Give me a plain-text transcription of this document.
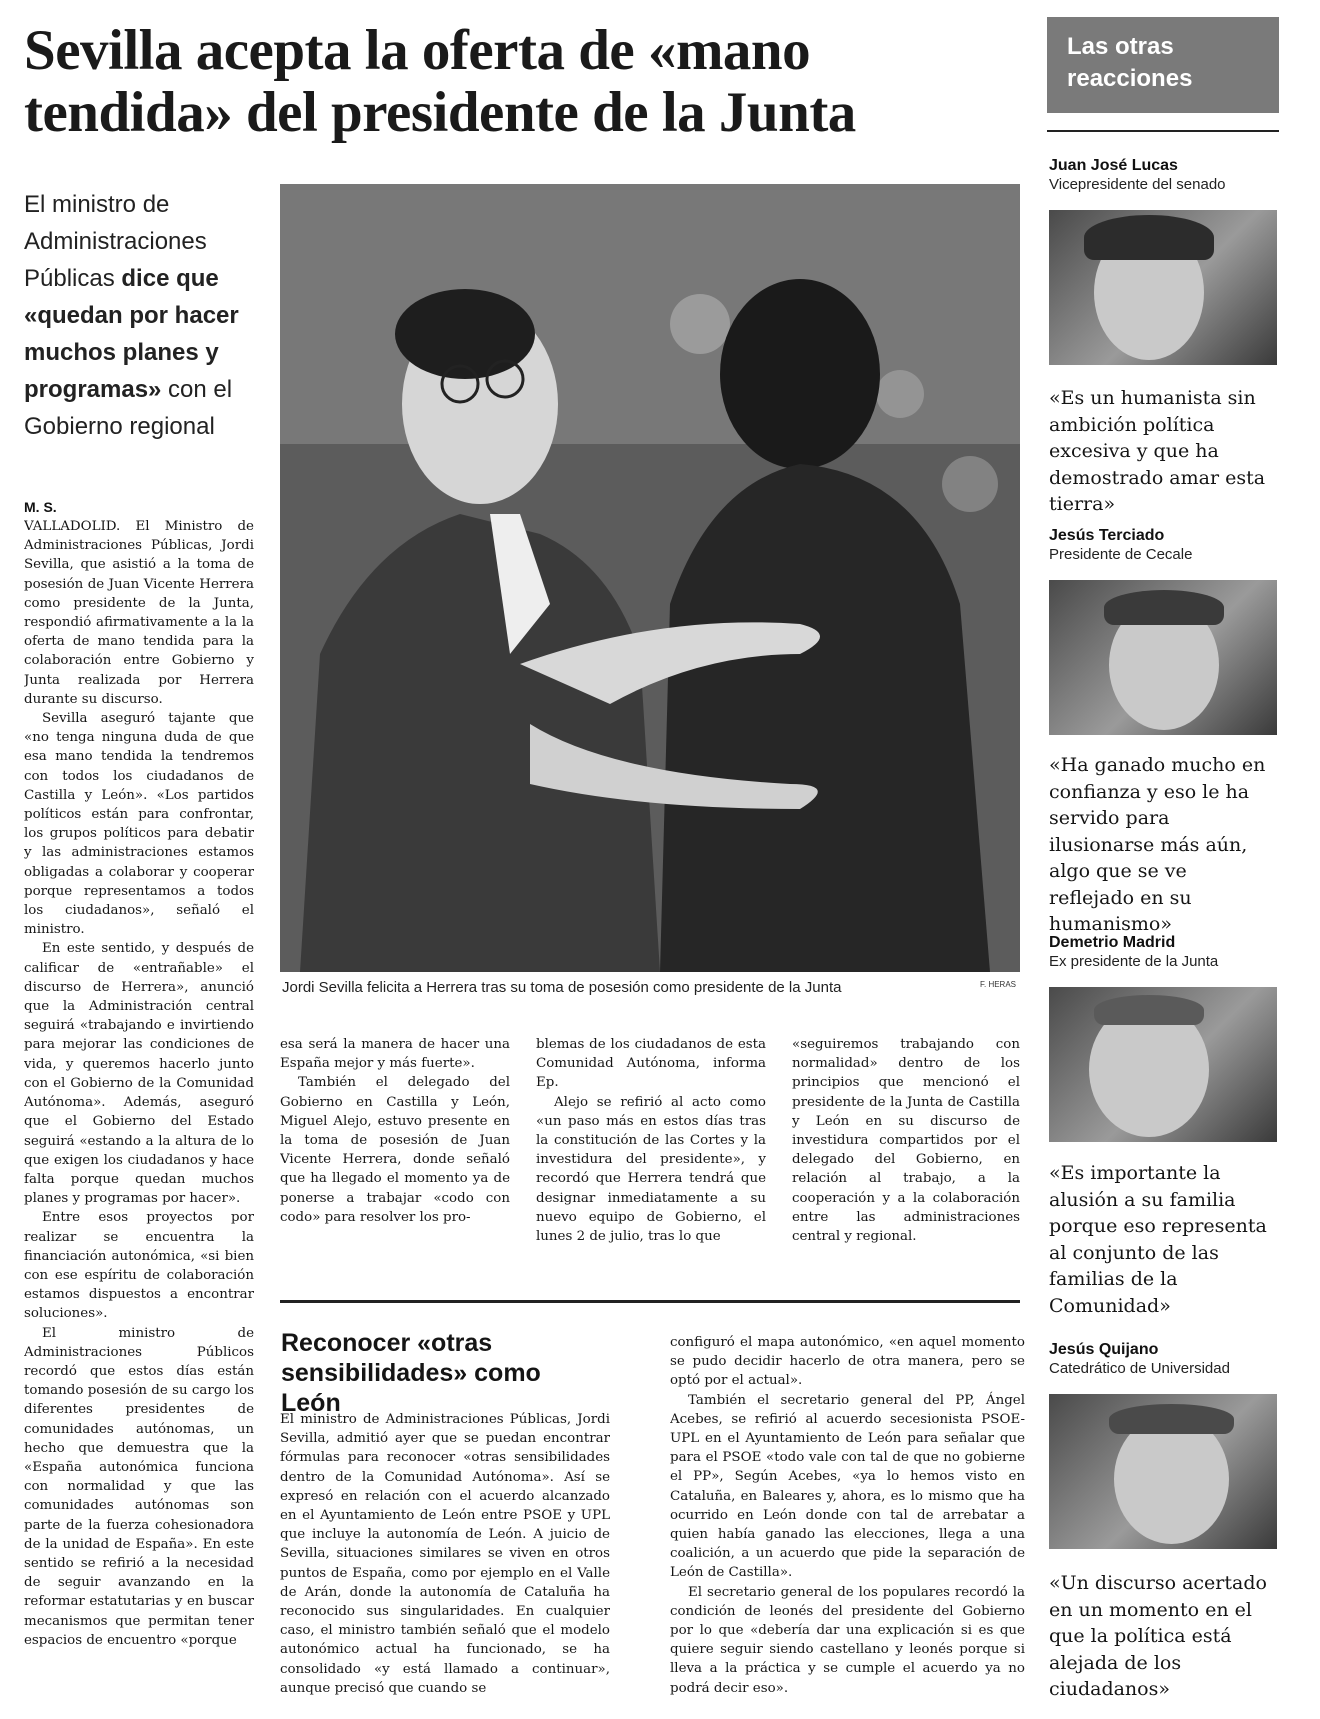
Sevilla acepta la oferta de «mano tendida» del presidente de la Junta
El ministro de Administraciones Públicas dice que «quedan por hacer muchos planes y programas» con el Gobierno regional
M. S.

VALLADOLID. El Ministro de Administraciones Públicas, Jordi Sevilla, que asistió a la toma de posesión de Juan Vicente Herrera como presidente de la Junta, respondió afirmativamente a la la oferta de mano tendida para la colaboración entre Gobierno y Junta realizada por Herrera durante su discurso.

Sevilla aseguró tajante que «no tenga ninguna duda de que esa mano tendida la tendremos con todos los ciudadanos de Castilla y León». «Los partidos políticos están para confrontar, los grupos políticos para debatir y las administraciones estamos obligadas a colaborar y cooperar porque representamos a todos los ciudadanos», señaló el ministro.

En este sentido, y después de calificar de «entrañable» el discurso de Herrera», anunció que la Administración central seguirá «trabajando e invirtiendo para mejorar las condiciones de vida, y queremos hacerlo junto con el Gobierno de la Comunidad Autónoma». Además, aseguró que el Gobierno del Estado seguirá «estando a la altura de lo que exigen los ciudadanos y hace falta porque quedan muchos planes y programas por hacer».

Entre esos proyectos por realizar se encuentra la financiación autonómica, «si bien con ese espíritu de colaboración estamos dispuestos a encontrar soluciones».

El ministro de Administraciones Públicos recordó que estos días están tomando posesión de su cargo los diferentes presidentes de comunidades autónomas, un hecho que demuestra que la «España autonómica funciona con normalidad y que las comunidades autónomas son parte de la fuerza cohesionadora de la unidad de España». En este sentido se refirió a la necesidad de seguir avanzando en la reformar estatutarias y en buscar mecanismos que permitan tener espacios de encuentro «porque

Jordi Sevilla felicita a Herrera tras su toma de posesión como presidente de la Junta	F. HERAS

esa será la manera de hacer una España mejor y más fuerte».

También el delegado del Gobierno en Castilla y León, Miguel Alejo, estuvo presente en la toma de posesión de Juan Vicente Herrera, donde señaló que ha llegado el momento ya de ponerse a trabajar «codo con codo» para resolver los pro-

blemas de los ciudadanos de esta Comunidad Autónoma, informa Ep.

Alejo se refirió al acto como «un paso más en estos días tras la constitución de las Cortes y la investidura del presidente», y recordó que Herrera tendrá que designar inmediatamente a su nuevo equipo de Gobierno, el lunes 2 de julio, tras lo que

«seguiremos trabajando con normalidad» dentro de los principios que mencionó el presidente de la Junta de Castilla y León en su discurso de investidura compartidos por el delegado del Gobierno, en relación al trabajo, a la cooperación y a la colaboración entre las administraciones central y regional.

Reconocer «otras sensibilidades» como León

El ministro de Administraciones Públicas, Jordi Sevilla, admitió ayer que se puedan encontrar fórmulas para reconocer «otras sensibilidades dentro de la Comunidad Autónoma». Así se expresó en relación con el acuerdo alcanzado en el Ayuntamiento de León entre PSOE y UPL que incluye la autonomía de León. A juicio de Sevilla, situaciones similares se viven en otros puntos de España, como por ejemplo en el Valle de Arán, donde la autonomía de Cataluña ha reconocido sus singularidades. En cualquier caso, el ministro también señaló que el modelo autonómico actual ha funcionado, se ha consolidado «y está llamado a continuar», aunque precisó que cuando se

configuró el mapa autonómico, «en aquel momento se pudo decidir hacerlo de otra manera, pero se optó por el actual».

También el secretario general del PP, Ángel Acebes, se refirió al acuerdo secesionista PSOE-UPL en el Ayuntamiento de León para señalar que para el PSOE «todo vale con tal de que no gobierne el PP», Según Acebes, «ya lo hemos visto en Cataluña, en Baleares y, ahora, es lo mismo que ha ocurrido en León donde con tal de arrebatar a quien había ganado las elecciones, llega a una coalición, a un acuerdo que pide la separación de León de Castilla».

El secretario general de los populares recordó la condición de leonés del presidente del Gobierno por lo que «debería dar una explicación si es que quiere seguir siendo castellano y leonés porque si lleva a la práctica y se cumple el acuerdo ya no podrá decir eso».

Las otras reacciones
Juan José Lucas
Vicepresidente del senado
«Es un humanista sin ambición política excesiva y que ha demostrado amar esta tierra»
Jesús Terciado
Presidente de Cecale
«Ha ganado mucho en confianza y eso le ha servido para ilusionarse más aún, algo que se ve reflejado en su humanismo»
Demetrio Madrid
Ex presidente de la Junta
«Es importante la alusión a su familia porque eso representa al conjunto de las familias de la Comunidad»
Jesús Quijano
Catedrático de Universidad
«Un discurso acertado en un momento en el que la política está alejada de los ciudadanos»
